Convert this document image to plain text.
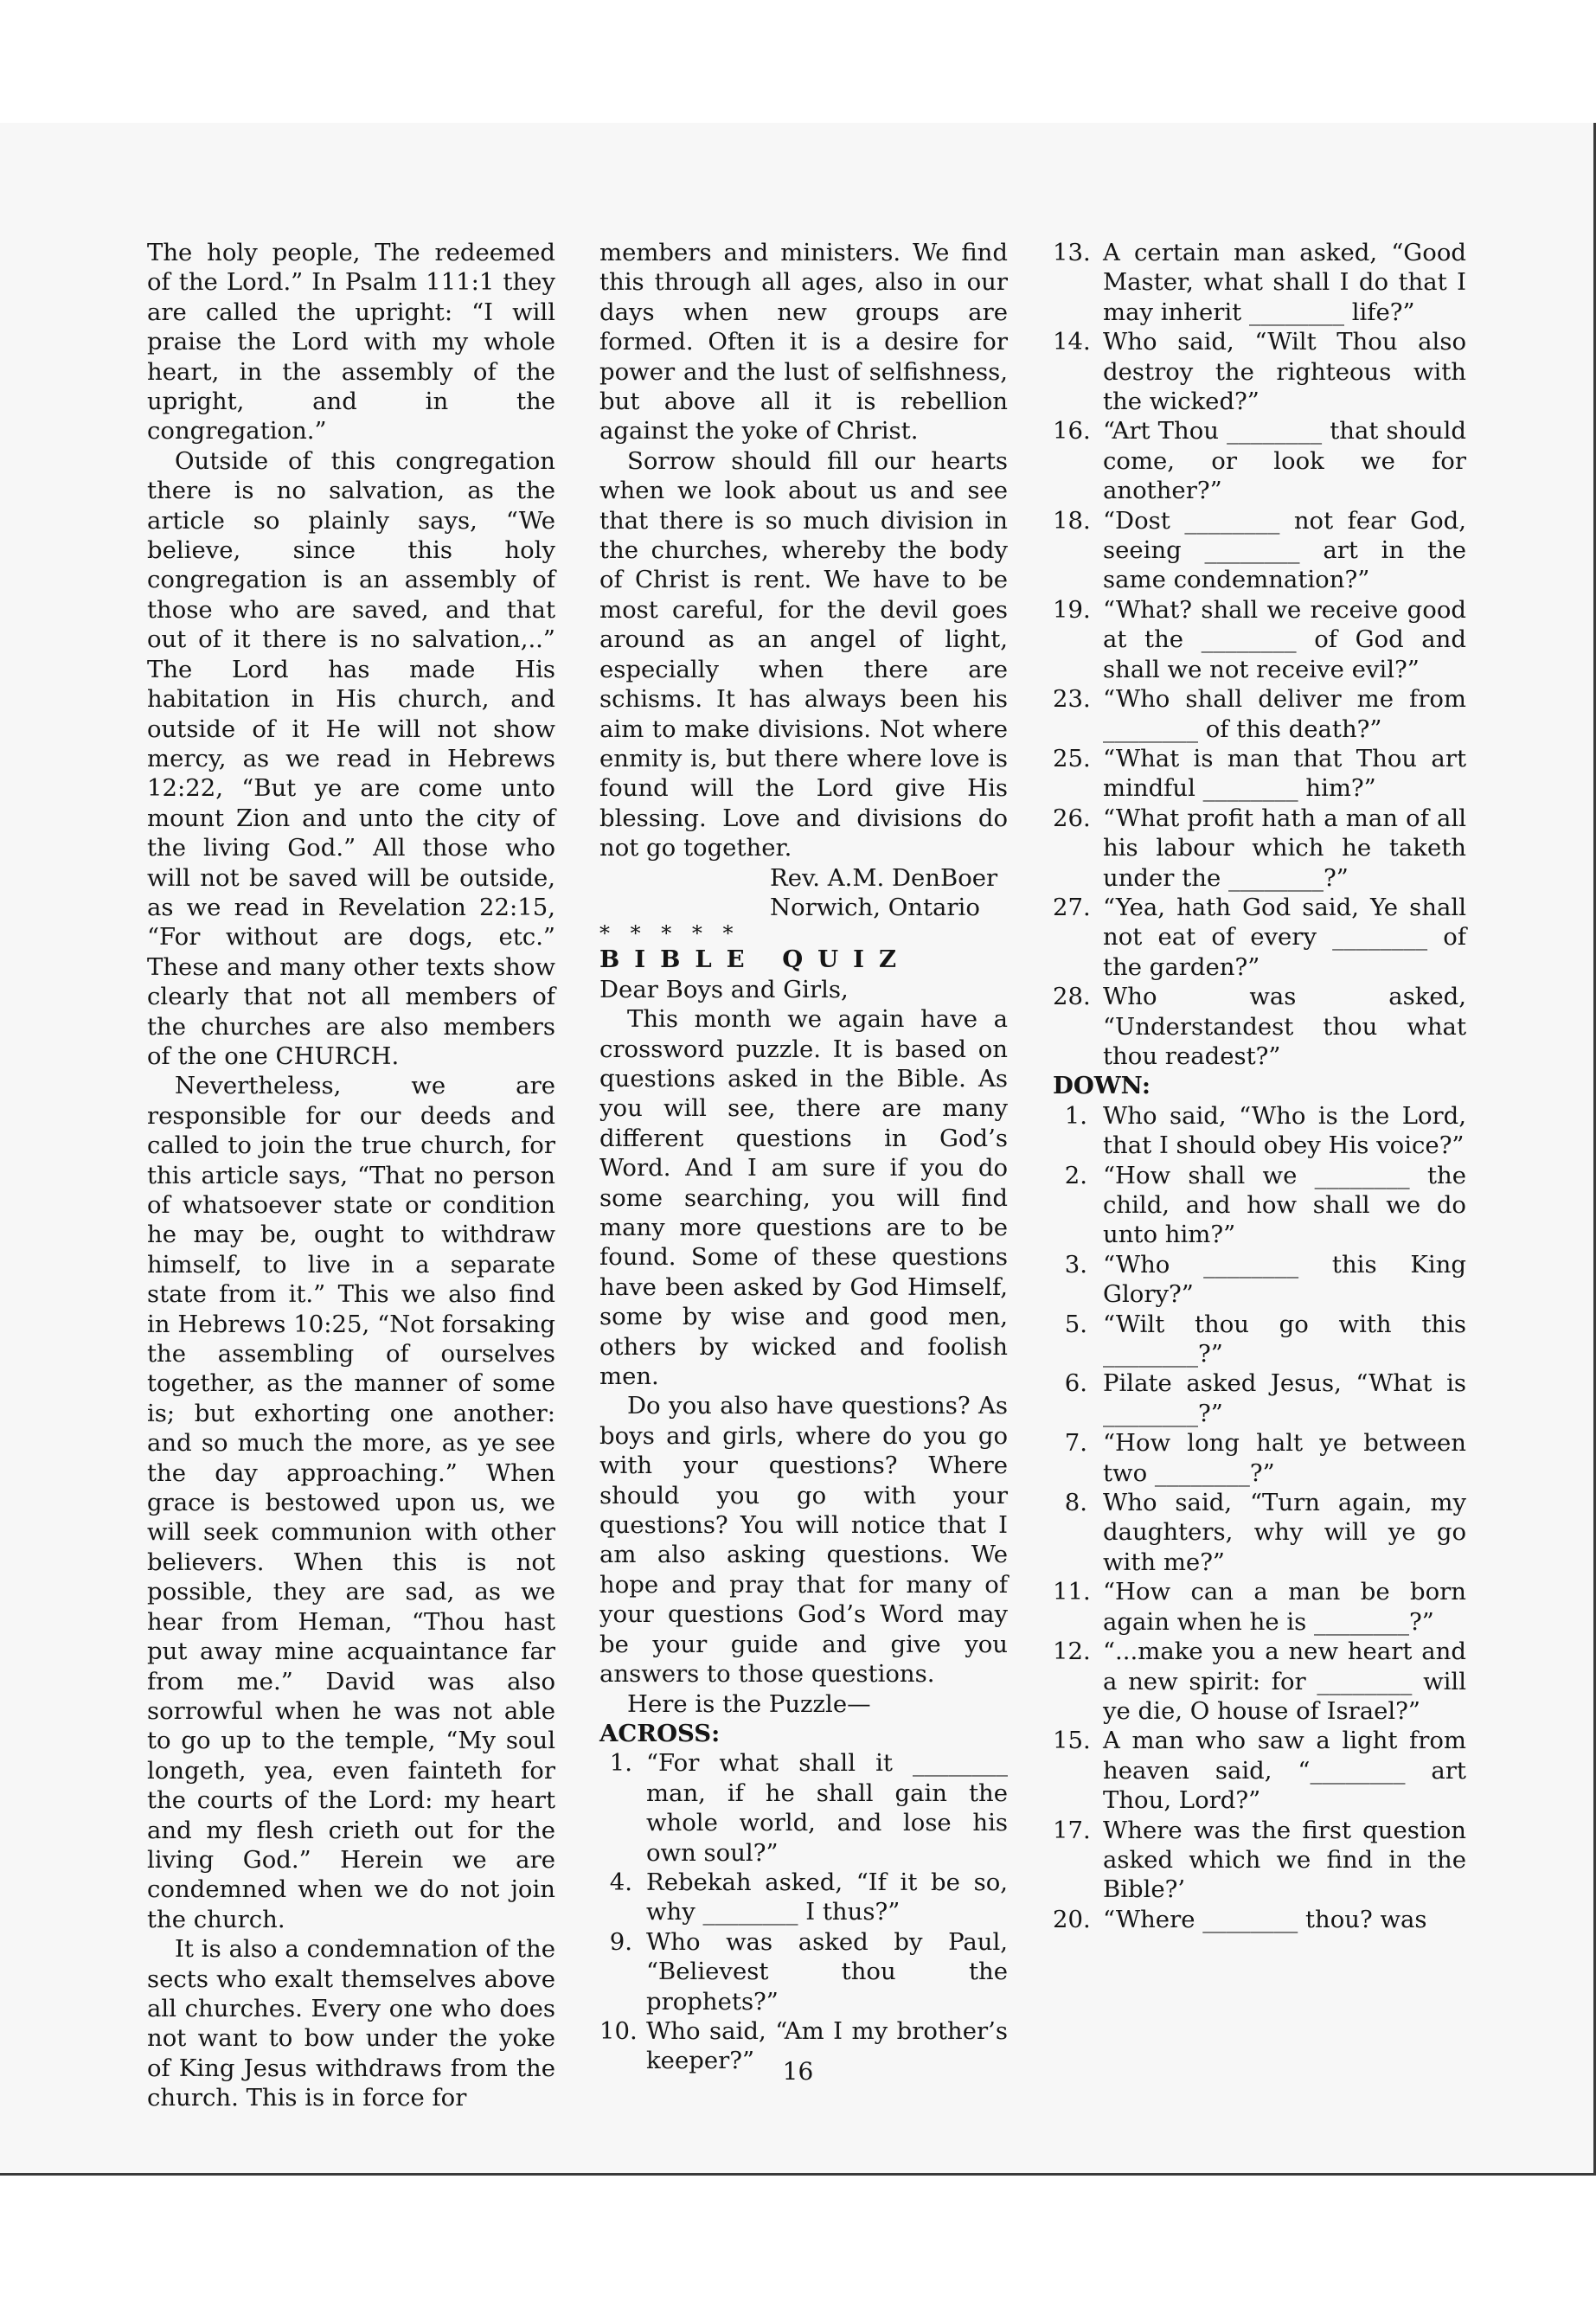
The holy people, The redeemed of the Lord.” In Psalm 111:1 they are called the upright: “I will praise the Lord with my whole heart, in the assembly of the upright, and in the congregation.”

Outside of this congregation there is no salvation, as the article so plainly says, “We believe, since this holy congregation is an assembly of those who are saved, and that out of it there is no salvation,..” The Lord has made His habitation in His church, and outside of it He will not show mercy, as we read in Hebrews 12:22, “But ye are come unto mount Zion and unto the city of the living God.” All those who will not be saved will be outside, as we read in Revelation 22:15, “For without are dogs, etc.” These and many other texts show clearly that not all members of the churches are also members of the one CHURCH.

Nevertheless, we are responsible for our deeds and called to join the true church, for this article says, “That no person of whatsoever state or condition he may be, ought to withdraw himself, to live in a separate state from it.” This we also find in Hebrews 10:25, “Not forsaking the assembling of ourselves together, as the manner of some is; but exhorting one another: and so much the more, as ye see the day approaching.” When grace is bestowed upon us, we will seek communion with other believers. When this is not possible, they are sad, as we hear from Heman, “Thou hast put away mine acquaintance far from me.” David was also sorrowful when he was not able to go up to the temple, “My soul longeth, yea, even fainteth for the courts of the Lord: my heart and my flesh crieth out for the living God.” Herein we are condemned when we do not join the church.

It is also a condemnation of the sects who exalt themselves above all churches. Every one who does not want to bow under the yoke of King Jesus withdraws from the church. This is in force for

members and ministers. We find this through all ages, also in our days when new groups are formed. Often it is a desire for power and the lust of selfishness, but above all it is rebellion against the yoke of Christ.

Sorrow should fill our hearts when we look about us and see that there is so much division in the churches, whereby the body of Christ is rent. We have to be most careful, for the devil goes around as an angel of light, especially when there are schisms. It has always been his aim to make divisions. Not where enmity is, but there where love is found will the Lord give His blessing. Love and divisions do not go together.

Rev. A.M. DenBoer

Norwich, Ontario

* * * * *

BIBLE QUIZ

Dear Boys and Girls,

This month we again have a crossword puzzle. It is based on questions asked in the Bible. As you will see, there are many different questions in God’s Word. And I am sure if you do some searching, you will find many more questions are to be found. Some of these questions have been asked by God Himself, some by wise and good men, others by wicked and foolish men.

Do you also have questions? As boys and girls, where do you go with your questions? Where should you go with your questions? You will notice that I am also asking questions. We hope and pray that for many of your questions God’s Word may be your guide and give you answers to those questions.

Here is the Puzzle—

ACROSS:

1. “For what shall it ________ man, if he shall gain the whole world, and lose his own soul?”
4. Rebekah asked, “If it be so, why ________ I thus?”
9. Who was asked by Paul, “Believest thou the prophets?”
10. Who said, “Am I my brother’s keeper?”
13. A certain man asked, “Good Master, what shall I do that I may inherit ________ life?”
14. Who said, “Wilt Thou also destroy the righteous with the wicked?”
16. “Art Thou ________ that should come, or look we for another?”
18. “Dost ________ not fear God, seeing ________ art in the same condemnation?”
19. “What? shall we receive good at the ________ of God and shall we not receive evil?”
23. “Who shall deliver me from ________ of this death?”
25. “What is man that Thou art mindful ________ him?”
26. “What profit hath a man of all his labour which he taketh under the ________?”
27. “Yea, hath God said, Ye shall not eat of every ________ of the garden?”
28. Who was asked, “Understandest thou what thou readest?”

DOWN:

1. Who said, “Who is the Lord, that I should obey His voice?”
2. “How shall we ________ the child, and how shall we do unto him?”
3. “Who ________ this King Glory?”
5. “Wilt thou go with this ________?”
6. Pilate asked Jesus, “What is ________?”
7. “How long halt ye between two ________?”
8. Who said, “Turn again, my daughters, why will ye go with me?”
11. “How can a man be born again when he is ________?”
12. “...make you a new heart and a new spirit: for ________ will ye die, O house of Israel?”
15. A man who saw a light from heaven said, “________ art Thou, Lord?”
17. Where was the first question asked which we find in the Bible?’
20. “Where ________ thou? was
16
